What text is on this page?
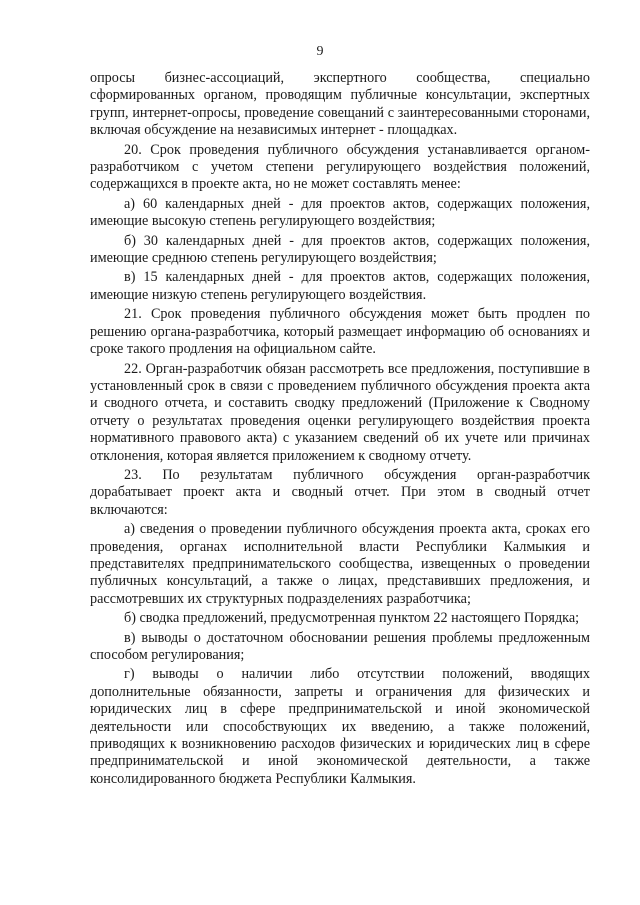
9

опросы бизнес-ассоциаций, экспертного сообщества, специально сформированных органом, проводящим публичные консультации, экспертных групп, интернет-опросы, проведение совещаний с заинтересованными сторонами, включая обсуждение на независимых интернет - площадках.

20. Срок проведения публичного обсуждения устанавливается органом-разработчиком с учетом степени регулирующего воздействия положений, содержащихся в проекте акта, но не может составлять менее:

а) 60 календарных дней - для проектов актов, содержащих положения, имеющие высокую степень регулирующего воздействия;

б) 30 календарных дней - для проектов актов, содержащих положения, имеющие среднюю степень регулирующего воздействия;

в) 15 календарных дней - для проектов актов, содержащих положения, имеющие низкую степень регулирующего воздействия.

21. Срок проведения публичного обсуждения может быть продлен по решению органа-разработчика, который размещает информацию об основаниях и сроке такого продления на официальном сайте.

22. Орган-разработчик обязан рассмотреть все предложения, поступившие в установленный срок в связи с проведением публичного обсуждения проекта акта и сводного отчета, и составить сводку предложений (Приложение к Сводному отчету о результатах проведения оценки регулирующего воздействия проекта нормативного правового акта) с указанием сведений об их учете или причинах отклонения, которая является приложением к сводному отчету.

23. По результатам публичного обсуждения орган-разработчик дорабатывает проект акта и сводный отчет. При этом в сводный отчет включаются:

а) сведения о проведении публичного обсуждения проекта акта, сроках его проведения, органах исполнительной власти Республики Калмыкия и представителях предпринимательского сообщества, извещенных о проведении публичных консультаций, а также о лицах, представивших предложения, и рассмотревших их структурных подразделениях разработчика;

б) сводка предложений, предусмотренная пунктом 22 настоящего Порядка;

в) выводы о достаточном обосновании решения проблемы предложенным способом регулирования;

г) выводы о наличии либо отсутствии положений, вводящих дополнительные обязанности, запреты и ограничения для физических и юридических лиц в сфере предпринимательской и иной экономической деятельности или способствующих их введению, а также положений, приводящих к возникновению расходов физических и юридических лиц в сфере предпринимательской и иной экономической деятельности, а также консолидированного бюджета Республики Калмыкия.
